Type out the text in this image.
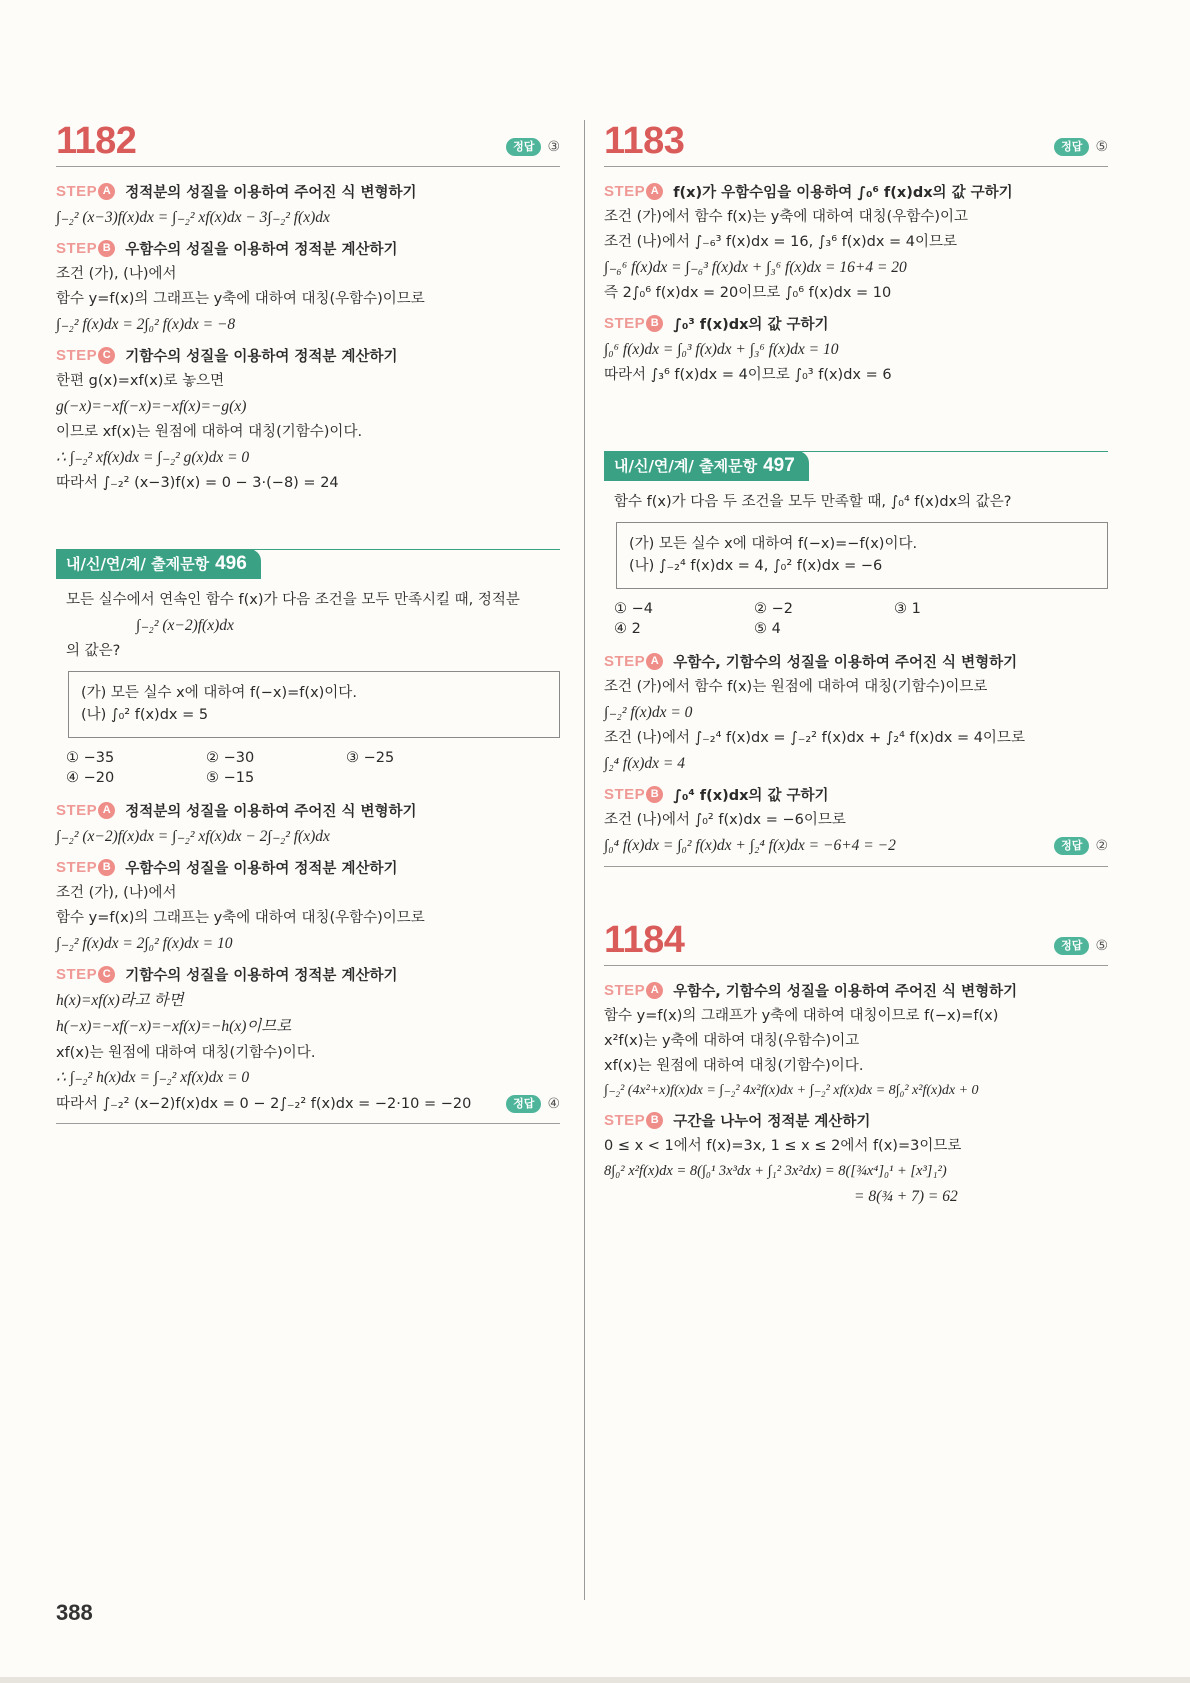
1182	정답 ③
STEP A	정적분의 성질을 이용하여 주어진 식 변형하기
∫₋₂² (x−3)f(x)dx = ∫₋₂² xf(x)dx − 3∫₋₂² f(x)dx
STEP B	우함수의 성질을 이용하여 정적분 계산하기
조건 (가), (나)에서
함수 y=f(x)의 그래프는 y축에 대하여 대칭(우함수)이므로
∫₋₂² f(x)dx = 2∫₀² f(x)dx = −8
STEP C	기함수의 성질을 이용하여 정적분 계산하기
한편 g(x)=xf(x)로 놓으면
g(−x)=−xf(−x)=−xf(x)=−g(x)
이므로 xf(x)는 원점에 대하여 대칭(기함수)이다.
∴ ∫₋₂² xf(x)dx = ∫₋₂² g(x)dx = 0
따라서 ∫₋₂² (x−3)f(x) = 0 − 3·(−8) = 24
내/신/연/계/ 출제문항 496
모든 실수에서 연속인 함수 f(x)가 다음 조건을 모두 만족시킬 때, 정적분
∫₋₂² (x−2)f(x)dx
의 값은?
(가) 모든 실수 x에 대하여 f(−x)=f(x)이다.
(나) ∫₀² f(x)dx = 5
① −35	② −30	③ −25
④ −20	⑤ −15
STEP A	정적분의 성질을 이용하여 주어진 식 변형하기
∫₋₂² (x−2)f(x)dx = ∫₋₂² xf(x)dx − 2∫₋₂² f(x)dx
STEP B	우함수의 성질을 이용하여 정적분 계산하기
조건 (가), (나)에서
함수 y=f(x)의 그래프는 y축에 대하여 대칭(우함수)이므로
∫₋₂² f(x)dx = 2∫₀² f(x)dx = 10
STEP C	기함수의 성질을 이용하여 정적분 계산하기
h(x)=xf(x)라고 하면
h(−x)=−xf(−x)=−xf(x)=−h(x)이므로
xf(x)는 원점에 대하여 대칭(기함수)이다.
∴ ∫₋₂² h(x)dx = ∫₋₂² xf(x)dx = 0
따라서 ∫₋₂² (x−2)f(x)dx = 0 − 2∫₋₂² f(x)dx = −2·10 = −20	정답 ④
1183	정답 ⑤
STEP A	f(x)가 우함수임을 이용하여 ∫₀⁶ f(x)dx의 값 구하기
조건 (가)에서 함수 f(x)는 y축에 대하여 대칭(우함수)이고
조건 (나)에서 ∫₋₆³ f(x)dx = 16, ∫₃⁶ f(x)dx = 4이므로
∫₋₆⁶ f(x)dx = ∫₋₆³ f(x)dx + ∫₃⁶ f(x)dx = 16+4 = 20
즉 2∫₀⁶ f(x)dx = 20이므로 ∫₀⁶ f(x)dx = 10
STEP B	∫₀³ f(x)dx의 값 구하기
∫₀⁶ f(x)dx = ∫₀³ f(x)dx + ∫₃⁶ f(x)dx = 10
따라서 ∫₃⁶ f(x)dx = 4이므로 ∫₀³ f(x)dx = 6
내/신/연/계/ 출제문항 497
함수 f(x)가 다음 두 조건을 모두 만족할 때, ∫₀⁴ f(x)dx의 값은?
(가) 모든 실수 x에 대하여 f(−x)=−f(x)이다.
(나) ∫₋₂⁴ f(x)dx = 4, ∫₀² f(x)dx = −6
① −4	② −2	③ 1
④ 2	⑤ 4
STEP A	우함수, 기함수의 성질을 이용하여 주어진 식 변형하기
조건 (가)에서 함수 f(x)는 원점에 대하여 대칭(기함수)이므로
∫₋₂² f(x)dx = 0
조건 (나)에서 ∫₋₂⁴ f(x)dx = ∫₋₂² f(x)dx + ∫₂⁴ f(x)dx = 4이므로
∫₂⁴ f(x)dx = 4
STEP B	∫₀⁴ f(x)dx의 값 구하기
조건 (나)에서 ∫₀² f(x)dx = −6이므로
∫₀⁴ f(x)dx = ∫₀² f(x)dx + ∫₂⁴ f(x)dx = −6+4 = −2	정답 ②
1184	정답 ⑤
STEP A	우함수, 기함수의 성질을 이용하여 주어진 식 변형하기
함수 y=f(x)의 그래프가 y축에 대하여 대칭이므로 f(−x)=f(x)
x²f(x)는 y축에 대하여 대칭(우함수)이고
xf(x)는 원점에 대하여 대칭(기함수)이다.
∫₋₂² (4x²+x)f(x)dx = ∫₋₂² 4x²f(x)dx + ∫₋₂² xf(x)dx = 8∫₀² x²f(x)dx + 0
STEP B	구간을 나누어 정적분 계산하기
0 ≤ x < 1에서 f(x)=3x, 1 ≤ x ≤ 2에서 f(x)=3이므로
8∫₀² x²f(x)dx = 8(∫₀¹ 3x³dx + ∫₁² 3x²dx) = 8([¾x⁴]₀¹ + [x³]₁²)
= 8(¾ + 7) = 62
388
